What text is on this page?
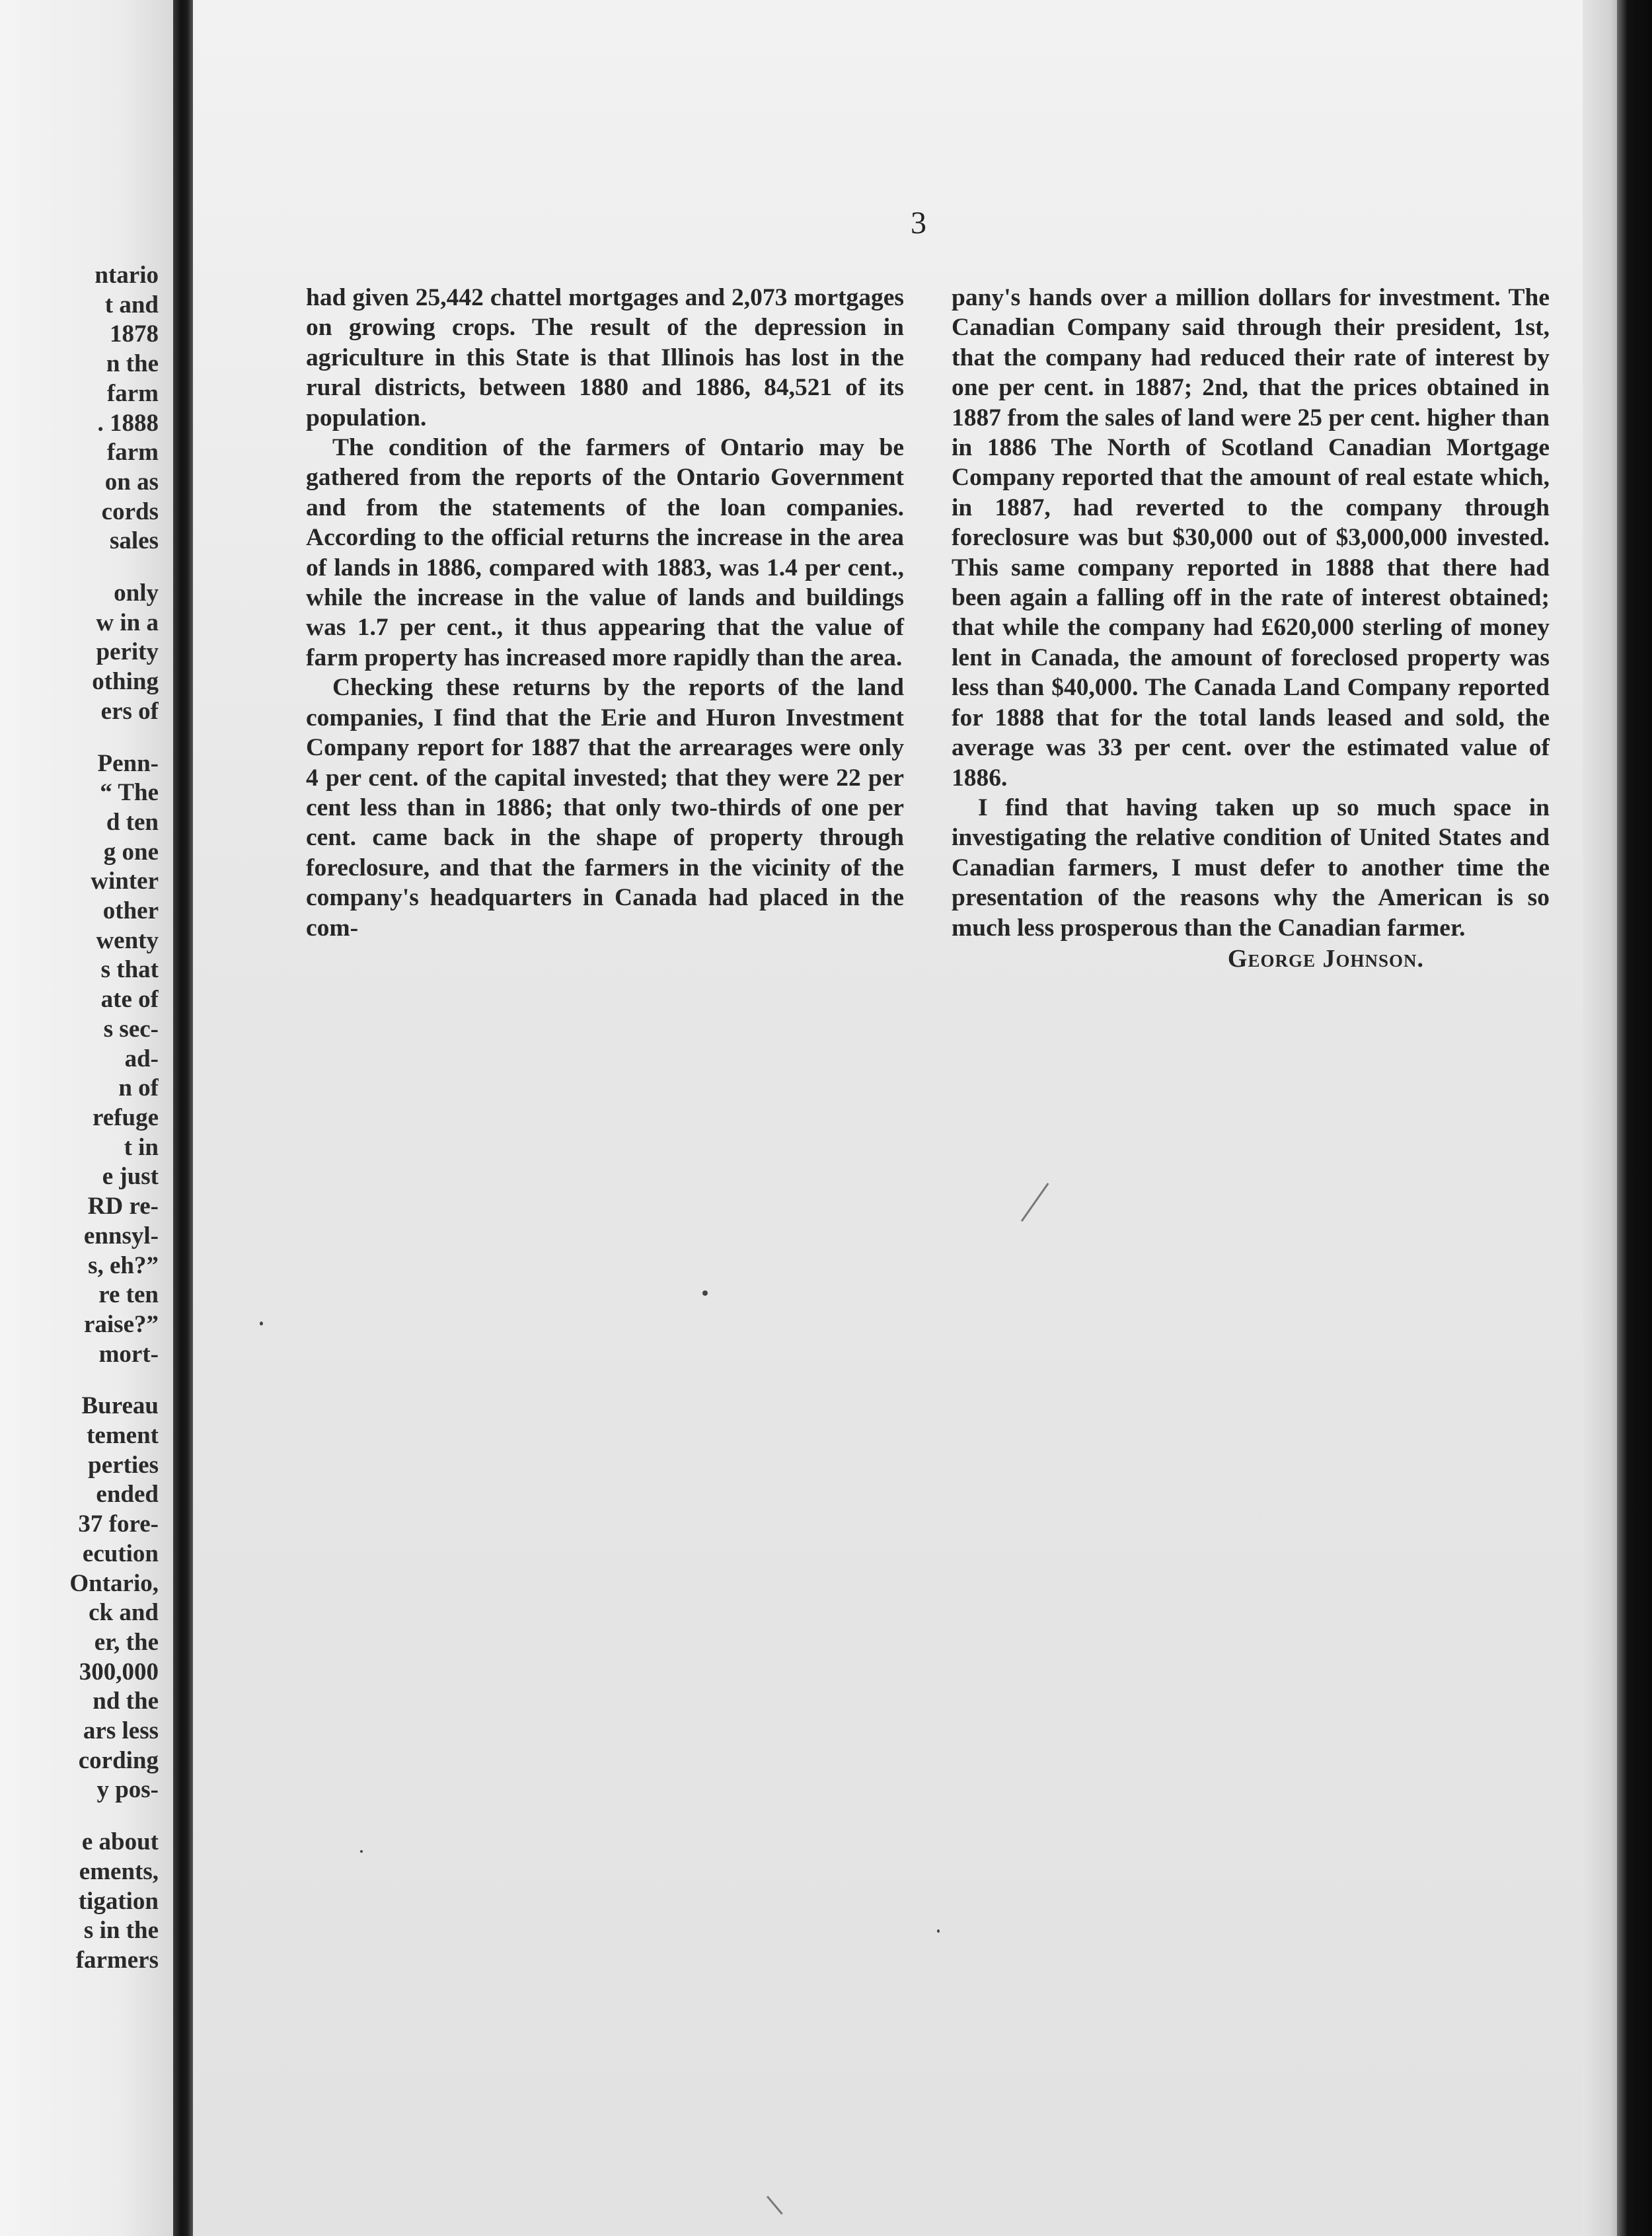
ntario
t and
1878
n the
farm
. 1888
farm
on as
cords
sales
only
w in a
perity
othing
ers of
Penn-
“ The
d ten
g one
winter
other
wenty
s that
ate of
s sec-
ad-
n of
refuge
t in
e just
RD re-
ennsyl-
s, eh?”
re ten
raise?”
mort-
Bureau
tement
perties
ended
37 fore-
ecution
Ontario,
ck and
er, the
300,000
nd the
ars less
cording
y pos-
e about
ements,
tigation
s in the
farmers
3

had given 25,442 chattel mortgages and 2,073 mortgages on growing crops. The result of the depression in agriculture in this State is that Illinois has lost in the rural districts, between 1880 and 1886, 84,521 of its population.

The condition of the farmers of Ontario may be gathered from the reports of the Ontario Government and from the statements of the loan companies. According to the official returns the increase in the area of lands in 1886, compared with 1883, was 1.4 per cent., while the increase in the value of lands and buildings was 1.7 per cent., it thus appearing that the value of farm property has increased more rapidly than the area.

Checking these returns by the reports of the land companies, I find that the Erie and Huron Investment Company report for 1887 that the arrearages were only 4 per cent. of the capital invested; that they were 22 per cent less than in 1886; that only two-thirds of one per cent. came back in the shape of property through foreclosure, and that the farmers in the vicinity of the company's headquarters in Canada had placed in the com-

pany's hands over a million dollars for investment. The Canadian Company said through their president, 1st, that the company had reduced their rate of interest by one per cent. in 1887; 2nd, that the prices obtained in 1887 from the sales of land were 25 per cent. higher than in 1886 The North of Scotland Canadian Mortgage Company reported that the amount of real estate which, in 1887, had reverted to the company through foreclosure was but $30,000 out of $3,000,000 invested. This same company reported in 1888 that there had been again a falling off in the rate of interest obtained; that while the company had £620,000 sterling of money lent in Canada, the amount of foreclosed property was less than $40,000. The Canada Land Company reported for 1888 that for the total lands leased and sold, the average was 33 per cent. over the estimated value of 1886.

I find that having taken up so much space in investigating the relative condition of United States and Canadian farmers, I must defer to another time the presentation of the reasons why the American is so much less prosperous than the Canadian farmer.

George Johnson.
